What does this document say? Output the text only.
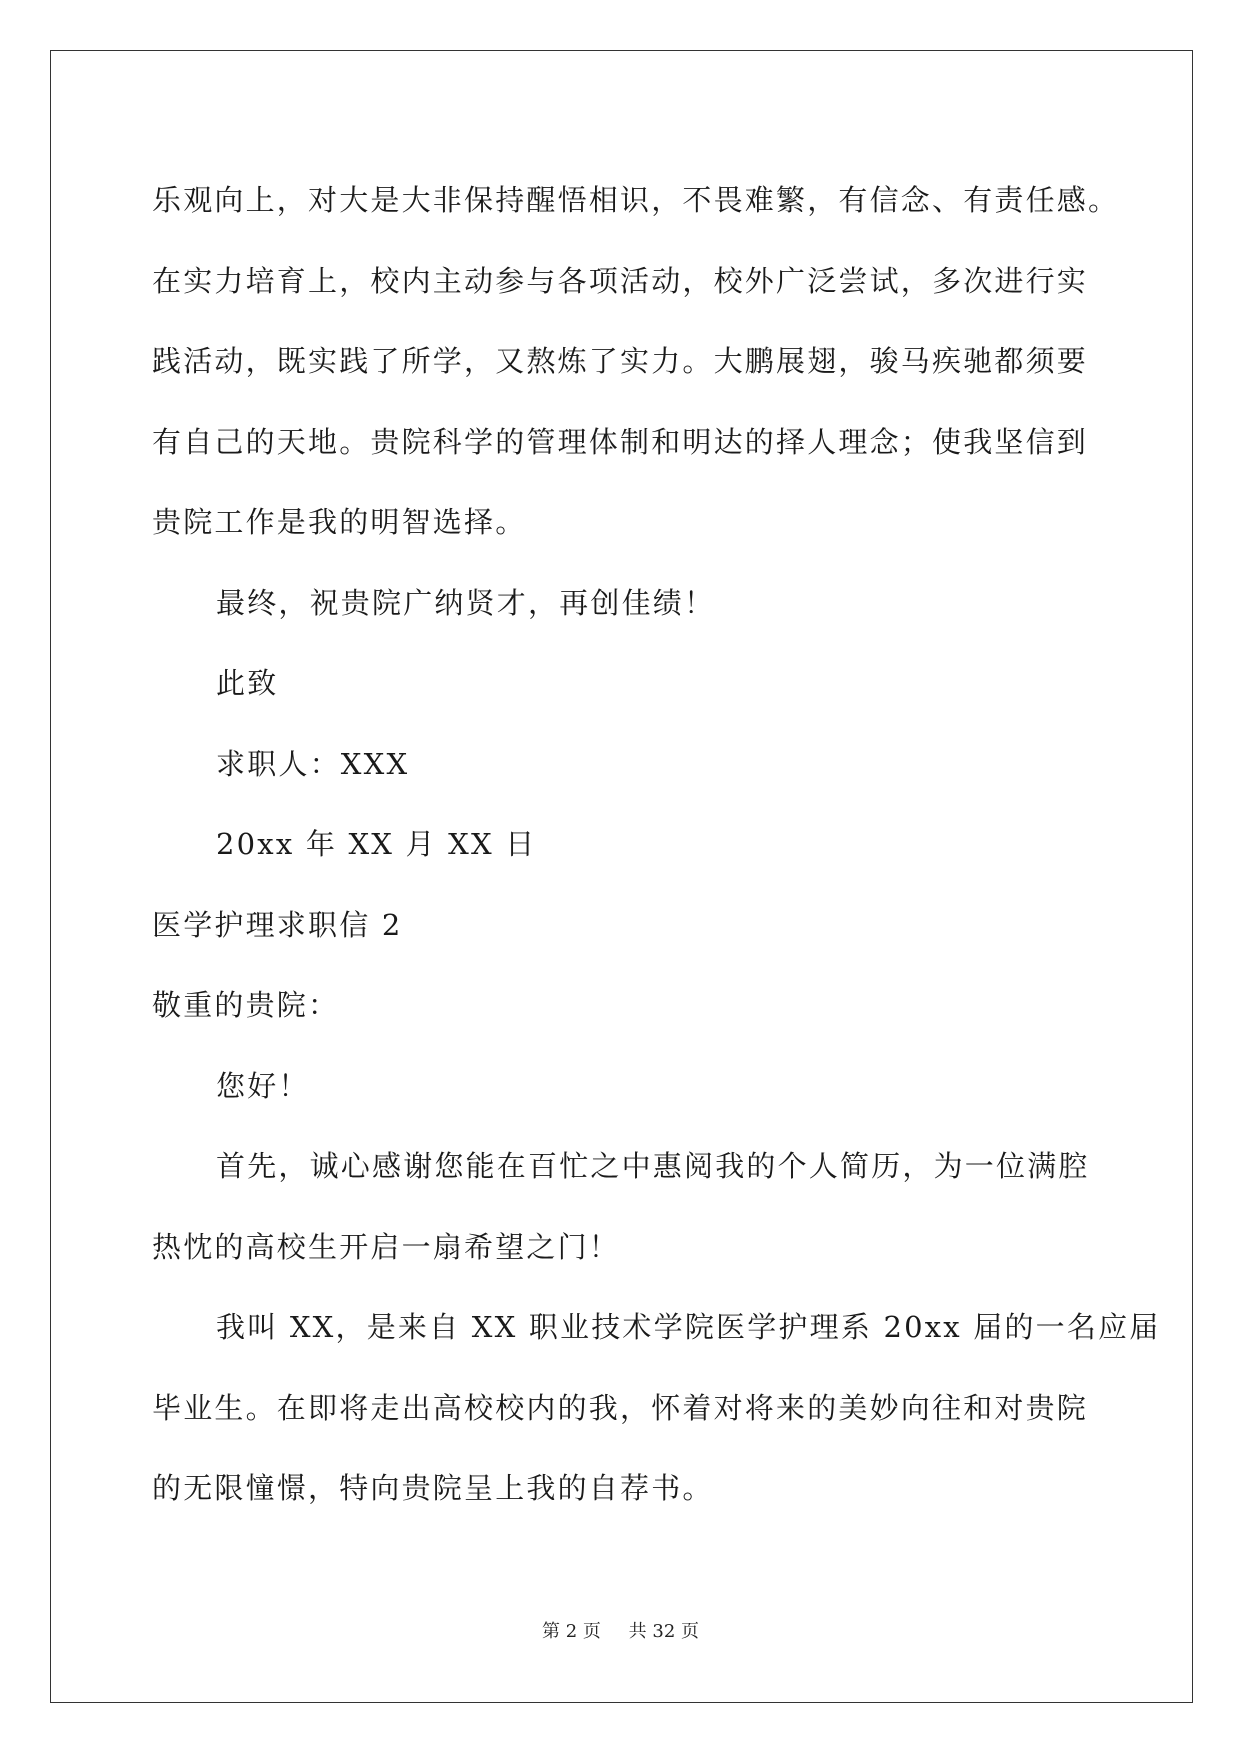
乐观向上，对大是大非保持醒悟相识，不畏难繁，有信念、有责任感。
在实力培育上，校内主动参与各项活动，校外广泛尝试，多次进行实
践活动，既实践了所学，又熬炼了实力。大鹏展翅，骏马疾驰都须要
有自己的天地。贵院科学的管理体制和明达的择人理念；使我坚信到
贵院工作是我的明智选择。
最终，祝贵院广纳贤才，再创佳绩！
此致
求职人：XXX
20xx 年 XX 月 XX 日
医学护理求职信 2
敬重的贵院：
您好！
首先，诚心感谢您能在百忙之中惠阅我的个人简历，为一位满腔
热忱的高校生开启一扇希望之门！
我叫 XX，是来自 XX 职业技术学院医学护理系 20xx 届的一名应届
毕业生。在即将走出高校校内的我，怀着对将来的美妙向往和对贵院
的无限憧憬，特向贵院呈上我的自荐书。
第 2 页 共 32 页
